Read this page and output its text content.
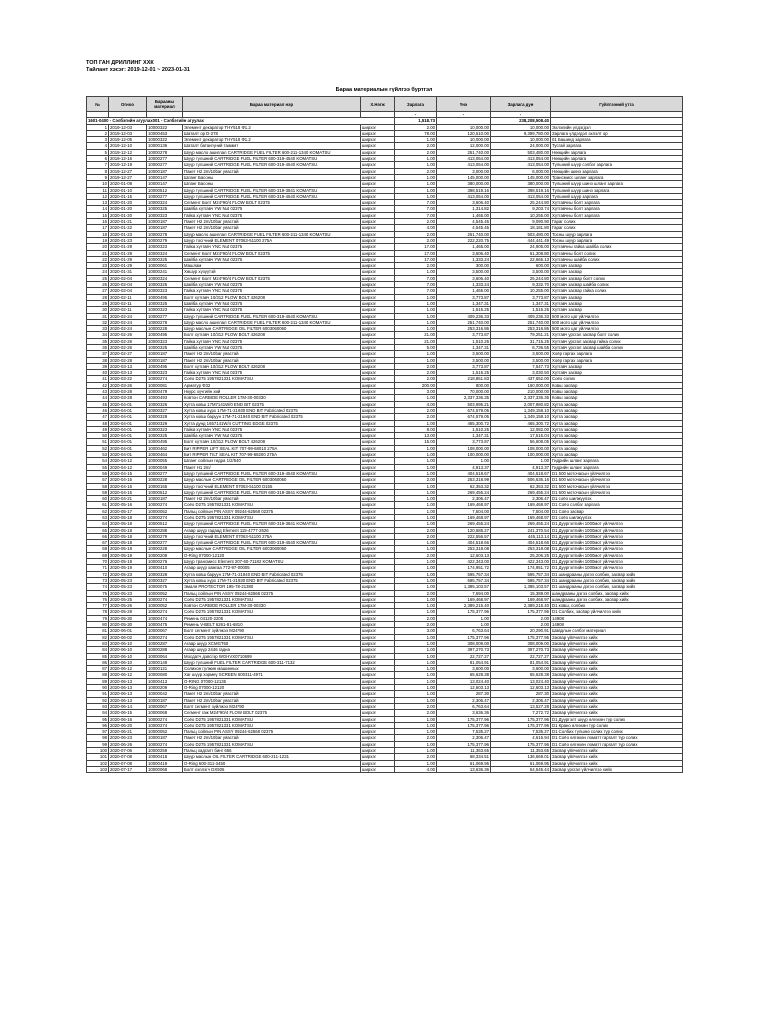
ТОП ГАН ДРИЛЛИНГ ХХК
Тайлант хэсэг: 2019-12-01 ~ 2023-01-31
Бараа материалын гүйлгээ буртгэл
№	Огноо	Барааны материал	Бараа материал нэр	Х.Нэгж	Зарлага	Үнэ	Зарлага дүн	Гүйлгээний утга
					-	-	-	
1601-0400 - Сэлбэгийн агуулах001 - Сэлбэгийн агуулах					1,518.73		238,208,508.40	
1	2019-12-03	10000322	Элемент декаратор THY518 Ф1.2	ширхэг	2.00	10,000.00	10,000.00	Эхлэлийн үлдэгдэл
2	2019-12-03	10000453	Шаталт ор D-278	ширхэг	78.00	120,510.00	9,399,780.00	Зарлага үлдэгдэл эхлэлт ор
3	2019-12-05	10000322	Элемент декаратор THY518 Ф1.2	ширхэг	1.00	10,000.00	10,000.00	01 Башинд зарлага
4	2019-12-10	10000136	Шаталт батангүний тааммт	ширхэг	2.00	12,000.00	24,000.00	Тусгай зарлага
5	2019-12-12	10000278	Шүүр масло ашиглал CARTRIDGE FUEL FILTER 600-211-1340 KOMATSU	ширхэг	2.00	251,740.00	503,480.00	Нөөцийн зарлага
6	2019-12-16	10000277	Шүүр түлшний CARTRIDGE FUEL FILTER 600-319-4540 KOMATSU	ширхэг	1.00	413,054.00	413,054.00	Нөөцийн зарлага
7	2019-12-19	10000277	Шүүр түлшний CARTRIDGE FUEL FILTER 600-319-4540 KOMATSU	ширхэг	1.00	413,054.00	413,054.00	Түлшний шүүр сэлбэг зарлага
8	2019-12-27	10000187	Пакет H2 2m/10bar уяастай	ширхэг	2.00	3,000.00	6,000.00	Нөөцийн шинэ зарлага
9	2019-12-27	10000147	Шланг Басоны	ширхэг	1.00	145,000.00	145,000.00	Трансмисс шланг зарлага
10	2020-01-08	10000147	Шланг Басоны	ширхэг	1.00	380,000.00	380,000.00	Түлшний шүүр шинэ шланг зарлага
11	2020-01-10	10000512	Шүүр түлшний CARTRIDGE FUEL FILTER 600-319-3841 KOMATSU	ширхэг	1.00	398,519.16	398,519.16	Түлшний шүүр шинэ зарлага
12	2020-01-15	10000277	Шүүр түлшний CARTRIDGE FUEL FILTER 600-319-4540 KOMATSU	ширхэг	1.00	413,054.00	413,054.00	Түлшний шүүр зарлага
13	2020-01-20	10000324	Сегмент Болт M24*90/4 FLOW BOLT 02375	ширхэг	7.00	3,606.40	25,244.80	Хүтгавчны болт зарлага
14	2020-01-20	10000325	Шайба хүтгавч YW Nut 02375	ширхэг	7.00	1,314.82	9,203.74	Хүтгавчны болт зарлага
15	2020-01-20	10000323	Гайка хүтгавч YNC Nut 02375	ширхэг	7.00	1,465.00	10,255.00	Хүтгавчны болт зарлага
16	2020-01-21	10000187	Пакет H2 2m/10bar уяастай	ширхэг	2.00	4,545.45	9,090.90	Гараг солих
17	2020-01-22	10000187	Пакет H2 2m/10bar уяастай	ширхэг	4.00	4,545.45	18,181.80	Гараг солих
18	2020-01-23	10000278	Шүүр масло ашиглал CARTRIDGE FUEL FILTER 600-211-1340 KOMATSU	ширхэг	2.00	251,740.00	503,480.00	Тосны шүүр зарлага
19	2020-01-23	10000279	Шүүр тосгчний ELEMENT 07063-51100 275A	ширхэг	2.00	222,220.75	444,441.49	Тосны шүүр зарлага
20	2020-01-29	10000323	Гайка хүтгавч YNC Nut 02375	ширхэг	17.00	1,465.00	24,905.00	Хүтгавчны гайка шайба солих
21	2020-01-29	10000324	Сегмент Болт M24*90/4 FLOW BOLT 02375	ширхэг	17.00	3,606.40	61,308.80	Хүтгавчны болт солих
22	2020-01-29	10000325	Шайба хүтгавч YW Nut 02375	ширхэг	17.00	1,333.24	22,665.13	Хүтгавчны шайба солих
23	2020-01-29	10000061	Машлам	ширхэг	2.00	300.00	600.00	Хүтгавч засвар
24	2020-01-31	10000241	Хөшүр хүзүүтэй	ширхэг	1.00	3,500.00	3,500.00	Хүтгавч засвар
25	2020-02-04	10000324	Сегмент Болт M24*90/4 FLOW BOLT 02375	ширхэг	7.00	3,606.40	25,244.80	Хүтгавч засвар болт солих
26	2020-02-04	10000325	Шайба хүтгавч YW Nut 02375	ширхэг	7.00	1,333.24	9,332.70	Хүтгавч засвар шайба солих
27	2020-02-04	10000323	Гайка хүтгавч YNC Nut 02375	ширхэг	7.00	1,465.00	10,255.00	Хүтгавч засвар гайка солих
28	2020-02-11	10000495	Болт хүтгавч 10/312 PLOW BOLT 426208	ширхэг	1.00	3,773.87	3,773.87	Хүтгавч засвар
29	2020-02-11	10000325	Шайба хүтгавч YW Nut 02375	ширхэг	1.00	1,347.31	1,347.31	Хүтгавч засвар
30	2020-02-11	10000323	Гайка хүтгавч YNC Nut 02375	ширхэг	1.00	1,515.25	1,515.25	Хүтгавч засвар
31	2020-02-24	10000277	Шүүр түлшний CARTRIDGE FUEL FILTER 600-319-4540 KOMATSU	ширхэг	1.00	409,236.33	409,236.33	500 мото цаг үйлчилгээ
32	2020-02-24	10000278	Шүүр масло ашиглал CARTRIDGE FUEL FILTER 600-211-1340 KOMATSU	ширхэг	1.00	251,740.00	251,740.00	500 мото цаг үйлчилгээ
33	2020-02-24	10000228	Шүүр маслын CARTRIDGE OIL FILTER 6003060060	ширхэг	1.00	253,316.86	253,316.86	500 мото цаг үйлчилгээ
34	2020-02-26	10000495	Болт хүтгавч 10/312 PLOW BOLT 426208	ширхэг	21.00	3,773.87	79,251.21	Хүтгавч урсгал засвар болт солих
35	2020-02-26	10000323	Гайка хүтгавч YNC Nut 02375	ширхэг	21.00	1,510.25	31,715.25	Хүтгавч урсгал засвар гайка солих
36	2020-02-26	10000325	Шайба хүтгавч YW Nut 02375	ширхэг	5.00	1,347.31	6,736.55	Хүтгавч урсгал засвар шайба солих
37	2020-02-27	10000187	Пакет H2 2m/10bar уяастай	ширхэг	1.00	3,500.00	3,500.00	Хоёр гаргах зарлага
38	2020-02-28	10000187	Пакет H2 2m/10bar уяастай	ширхэг	1.00	3,500.00	3,500.00	Хоёр гаргах зарлага
39	2020-03-13	10000495	Болт хүтгавч 10/312 PLOW BOLT 426208	ширхэг	2.00	3,773.87	7,547.73	Хүтгавч засвар
40	2020-03-13	10000323	Гайка хүтгавч YNC Nut 02375	ширхэг	2.00	1,515.25	3,030.50	Хүтгавч засвар
41	2020-03-22	10000274	Соёо D275 1957821331 KOMATSU	ширхэг	2.00	218,851.83	437,652.00	Соёо солих
42	2020-03-26	10000081	Арматур Ф32	ширхэг	200.00	800.00	160,000.00	Ковш засвар
43	2020-03-28	10000479	Нкурс хүчгийн хий	ширхэг	3.00	70,000.00	210,000.00	Ковш засвар
44	2020-03-28	10000493	Ковтон CARBIDE ROLLER 17M-30-00330	ширхэг	1.00	2,337,336.35	2,337,336.35	Ковш засвар
45	2020-04-01	10000326	Хутга ковш 17M7141W/0 END BIT 02375	ширхэг	4.00	503,995.21	2,007,980.82	Хутга засвар
46	2020-04-01	10000327	Хутга ковш хүрх 17M-71-21930 END BIT Fabricated 02375	ширхэг	2.00	674,579.05	1,349,158.10	Хутга засвар
47	2020-04-01	10000328	Хутга ковш баруун 17M-71-21940 END BIT Fabricated 02375	ширхэг	2.00	674,579.05	1,349,158.10	Хутга засвар
48	2020-04-01	10000329	Хутга дунд 1657141W/4 CUTTING EDGE 02375	ширхэг	1.00	465,300.72	465,300.72	Хутга засвар
49	2020-04-01	10000323	Гайка хүтгавч YNC Nut 02375	ширхэг	8.00	1,510.25	12,082.00	Хутга засвар
50	2020-04-01	10000325	Шайба хүтгавч YW Nut 02375	ширхэг	13.00	1,347.31	17,515.04	Хутга засвар
51	2020-04-01	10000495	Болт хүтгавч 10/312 PLOW BOLT 426208	ширхэг	15.00	3,773.87	56,608.05	Хутга засвар
52	2020-04-01	10000462	Бит RIPPER LIFT SEAL KIT 707-99-68010 275A	ширхэг	1.00	108,000.00	108,000.00	Хутга засвар
53	2020-04-01	10000464	Бит RIPPER TILT SEAL KIT 707-99-68200 275A	ширхэг	1.00	100,000.00	100,000.00	Хутга засвар
54	2020-04-12	10000055	Шланг сойлын гидра 1/2/540	ширхэг	1.00	1.00	1.00	Гидрийн шланг зарлага
55	2020-04-12	10000049	Пакет H1 2m/	ширхэг	1.00	4,913.37	4,913.37	Гидрийн шланг зарлага
56	2020-04-15	10000277	Шүүр түлшний CARTRIDGE FUEL FILTER 600-319-4540 KOMATSU	ширхэг	1.00	404,518.67	404,518.67	D1 500 моточасын үйлчилгээ
57	2020-04-15	10000228	Шүүр маслын CARTRIDGE OIL FILTER 6003060060	ширхэг	2.00	253,318.99	506,636.16	D1 500 моточасын үйлчилгээ
58	2020-04-15	10000155	Шүүр тосгчний ELEMENT 07063-51100 D155	ширхэг	1.00	62,353.32	62,353.32	D1 500 моточасын үйлчилгээ
59	2020-04-15	10000512	Шүүр түлшний CARTRIDGE FUEL FILTER 600-319-3841 KOMATSU	ширхэг	1.00	269,455.24	269,455.24	D1 500 моточасын үйлчилгээ
60	2020-04-21	10000187	Пакет H2 2m/10bar уяастай	ширхэг	1.00	2,306.47	2,306.47	D1 соёо шилжүүлэх
61	2020-05-16	10000274	Соёо D275 1957821331 KOMATSU	ширхэг	1.00	169,468.97	169,468.97	D1 Соёо сэлбэг зарлага
62	2020-05-17	10000052	Пальц сойлын PIN ASSY 09244-62568 02375	ширхэг	1.00	7,504.00	7,504.00	D1 Соёо засвар
63	2020-05-18	10000274	Соёо D275 1957821331 KOMATSU	ширхэг	1.00	169,468.97	169,468.97	D1 соёо шилжүүлэх
64	2020-05-18	10000512	Шүүр түлшний CARTRIDGE FUEL FILTER 600-319-3841 KOMATSU	ширхэг	1.00	269,455.24	269,455.24	D1 Дүүргэлтийн 1000мот үйлчилгээ
65	2020-05-18	10000288	Агаар шүүр гадаад Element 115-4777-2626	ширхэг	2.00	120,685.27	241,370.54	D1 Дүүргэлтийн 1000мот үйлчилгээ
66	2020-05-18	10000279	Шүүр тосгчний ELEMENT 07063-51100 275A	ширхэг	2.00	222,556.57	445,113.14	D1 Дүүргэлтийн 1000мот үйлчилгээ
67	2020-05-18	10000277	Шүүр түлшний CARTRIDGE FUEL FILTER 600-319-4540 KOMATSU	ширхэг	1.00	404,518.66	404,518.66	D1 Дүүргэлтийн 1000мот үйлчилгээ
68	2020-05-18	10000228	Шүүр маслын CARTRIDGE OIL FILTER 6003060060	ширхэг	1.00	253,318.08	253,318.08	D1 Дүүргэлтийн 1000мот үйлчилгээ
69	2020-05-19	10000209	O-Ring 07000-12120	ширхэг	2.00	12,603.13	25,206.25	D1 Дүүргэлтийн 1000мот үйлчилгээ
70	2020-05-19	10000276	Шүүр трансмисс Element 207-60-71182 KOMATSU	ширхэг	1.00	422,343.00	422,343.00	D1 Дүүргэлтийн 1000мот үйлчилгээ
71	2020-05-19	10000410	Агаар шүүр хамгаа 772-97-00005	ширхэг	1.00	174,951.72	174,951.72	D1 Дүүргэлтийн 1000мот үйлчилгээ
72	2020-05-23	10000328	Хутга ковш баруун 17M-71-21940 END BIT Fabricated 02375	ширхэг	1.00	595,757.34	595,757.34	D1 шандрааны дэгээ солбих, засвар хийх
73	2020-05-23	10000327	Хутга ковш хүрх 17M-71-21930 END BIT Fabricated 02375	ширхэг	1.00	595,757.34	595,757.34	D1 шандрааны дэгээ солбих, засвар хийх
74	2020-05-23	10000075	Эмаля PROTECTOR 195-78-21380	ширхэг	1.00	1,385,103.57	1,385,103.57	D1 шандрааны дэгээ солбих, засвар хийх
75	2020-05-23	10000052	Пальц сойлын PIN ASSY 09244-62568 02375	ширхэг	2.00	7,694.00	15,388.00	шандрааны дэгээ солбих, засвар хийх
76	2020-05-25	10000274	Соёо D275 1957821331 KOMATSU	ширхэг	1.00	169,468.97	169,468.97	шандрааны дэгээ солбих, засвар хийх
77	2020-05-26	10000052	Ковтон CARBIDE ROLLER 17M-30-00330	ширхэг	1.00	2,389,215.40	2,389,215.40	D1 ковш, солбих
78	2020-05-28	10000274	Соёо D275 1957821331 KOMATSU	ширхэг	1.00	175,377.96	175,377.96	D1 Солбих, засвар үйлчилгээ хийх
79	2020-05-30	10000474	Ремень 04120-2205	ширхэг	2.00	1.00	2.00	14908
80	2020-05-30	10000475	Ремень V-BELT 6261-81-6810	ширхэг	2.00	1.00	2.00	14908
81	2020-06-01	10000067	Болт сегмент зүйлжээ M24*90	ширхэг	3.00	6,763.64	20,290.91	Шавдлын сэлбэг материал
82	2020-06-02	10000274	Соёо D275 1957821331 KOMATSU	ширхэг	1.00	175,377.96	175,377.96	Засвар үйлчилгээ хийх
83	2020-06-10	10000287	Агаар шүүр XCMGT60	ширхэг	1.00	308,009.00	308,009.00	Засвар үйлчилгээ хийх
84	2020-06-10	10000288	Агаар шүүр 2446 гадна	ширхэг	1.00	397,270.73	397,270.73	Засвар үйлчилгээ хийх
85	2020-06-10	10000064	Мосдатч дэвсгэр WGHVX0710699	ширхэг	1.00	22,727.27	22,727.27	Засвар үйлчилгээ хийх
86	2020-06-10	10000149	Шүүр түлшний FUEL FILTER CARTRIDGE 600-311-7132	ширхэг	1.00	81,054.91	81,054.91	Засвар үйлчилгээ хийх
87	2020-06-12	10000121	Солихон гүлжин машинных	ширхэг	1.00	3,600.00	3,600.00	Засвар үйлчилгээ хийх
88	2020-06-12	10000080	Хаг шүүр хэрмнү SCREEN 600311-4971	ширхэг	1.00	65,628.38	65,628.38	Засвар үйлчилгээ хийх
89	2020-06-13	10000413	O-RING 07000-12135	ширхэг	1.00	13,024.40	13,024.40	Засвар үйлчилгээ хийх
90	2020-06-13	10000209	O-Ring 07000-12120	ширхэг	1.00	12,603.13	12,603.13	Засвар үйлчилгээ хийх
91	2020-06-13	10000042	Пакет H2 2m/10bar уяастай	ширхэг	1.00	287.30	287.30	Засвар үйлчилгээ хийх
92	2020-06-13	10000187	Пакет H2 2m/10bar уяастай	ширхэг	1.00	2,306.47	2,306.47	Засвар үйлчилгээ хийх
93	2020-06-14	10000067	Болт сегмент зүйлжээ M24*90	ширхэг	2.00	6,763.64	13,527.28	Засвар үйлчилгээ хийх
94	2020-06-15	10000068	Сегмент гаж M24*90/4 FLOW BOLT 02375	ширхэг	2.00	3,636.36	7,272.72	Засвар үйлчилгээ хийх
95	2020-06-16	10000274	Соёо D275 1957821331 KOMATSU	ширхэг	1.00	175,377.96	175,377.96	D1 Дүүргэлт шүүр өлгөхөн түр солих
96	2020-06-20	10000274	Соёо D275 1957821331 KOMATSU	ширхэг	1.00	175,377.96	175,377.96	D1 Крано өлгөхөн түр солих
97	2020-06-21	10000052	Пальц сойлын PIN ASSY 09244-62568 02375	ширхэг	1.00	7,535.27	7,535.27	D1 Солбих түлшнө солих түр солих
98	2020-06-23	10000187	Пакет H2 2m/10bar уяастай	ширхэг	2.00	2,306.47	4,616.94	D1 Соёо өлгөхөн ломатт гаргалт түр солих
99	2020-06-26	10000274	Соёо D275 1957821331 KOMATSU	ширхэг	1.00	175,377.96	175,377.96	D1 Соёо өлгөхөн ломатт гаргалт түр солих
100	2020-07-06	10000259	Пальц хадгалт бинг 656	ширхэг	1.00	11,353.65	11,353.65	Засвар үйлчилгээ хийх
101	2020-07-08	10000418	Шүүр маслын OIL FILTER CARTRIDGE 600-211-1231	ширхэг	2.00	68,334.51	136,669.01	Засвар үйлчилгээ хийх
102	2020-07-08	10000419	O-Ring 600-311-3450	ширхэг	1.00	61,069.95	61,069.95	Засвар үйлчилгээ хийх
103	2020-07-17	10000068	Болт хэллэгч DX506	ширхэг	4.00	13,636.36	54,545.44	Засвар урсгал үйлчилгээ хийх
